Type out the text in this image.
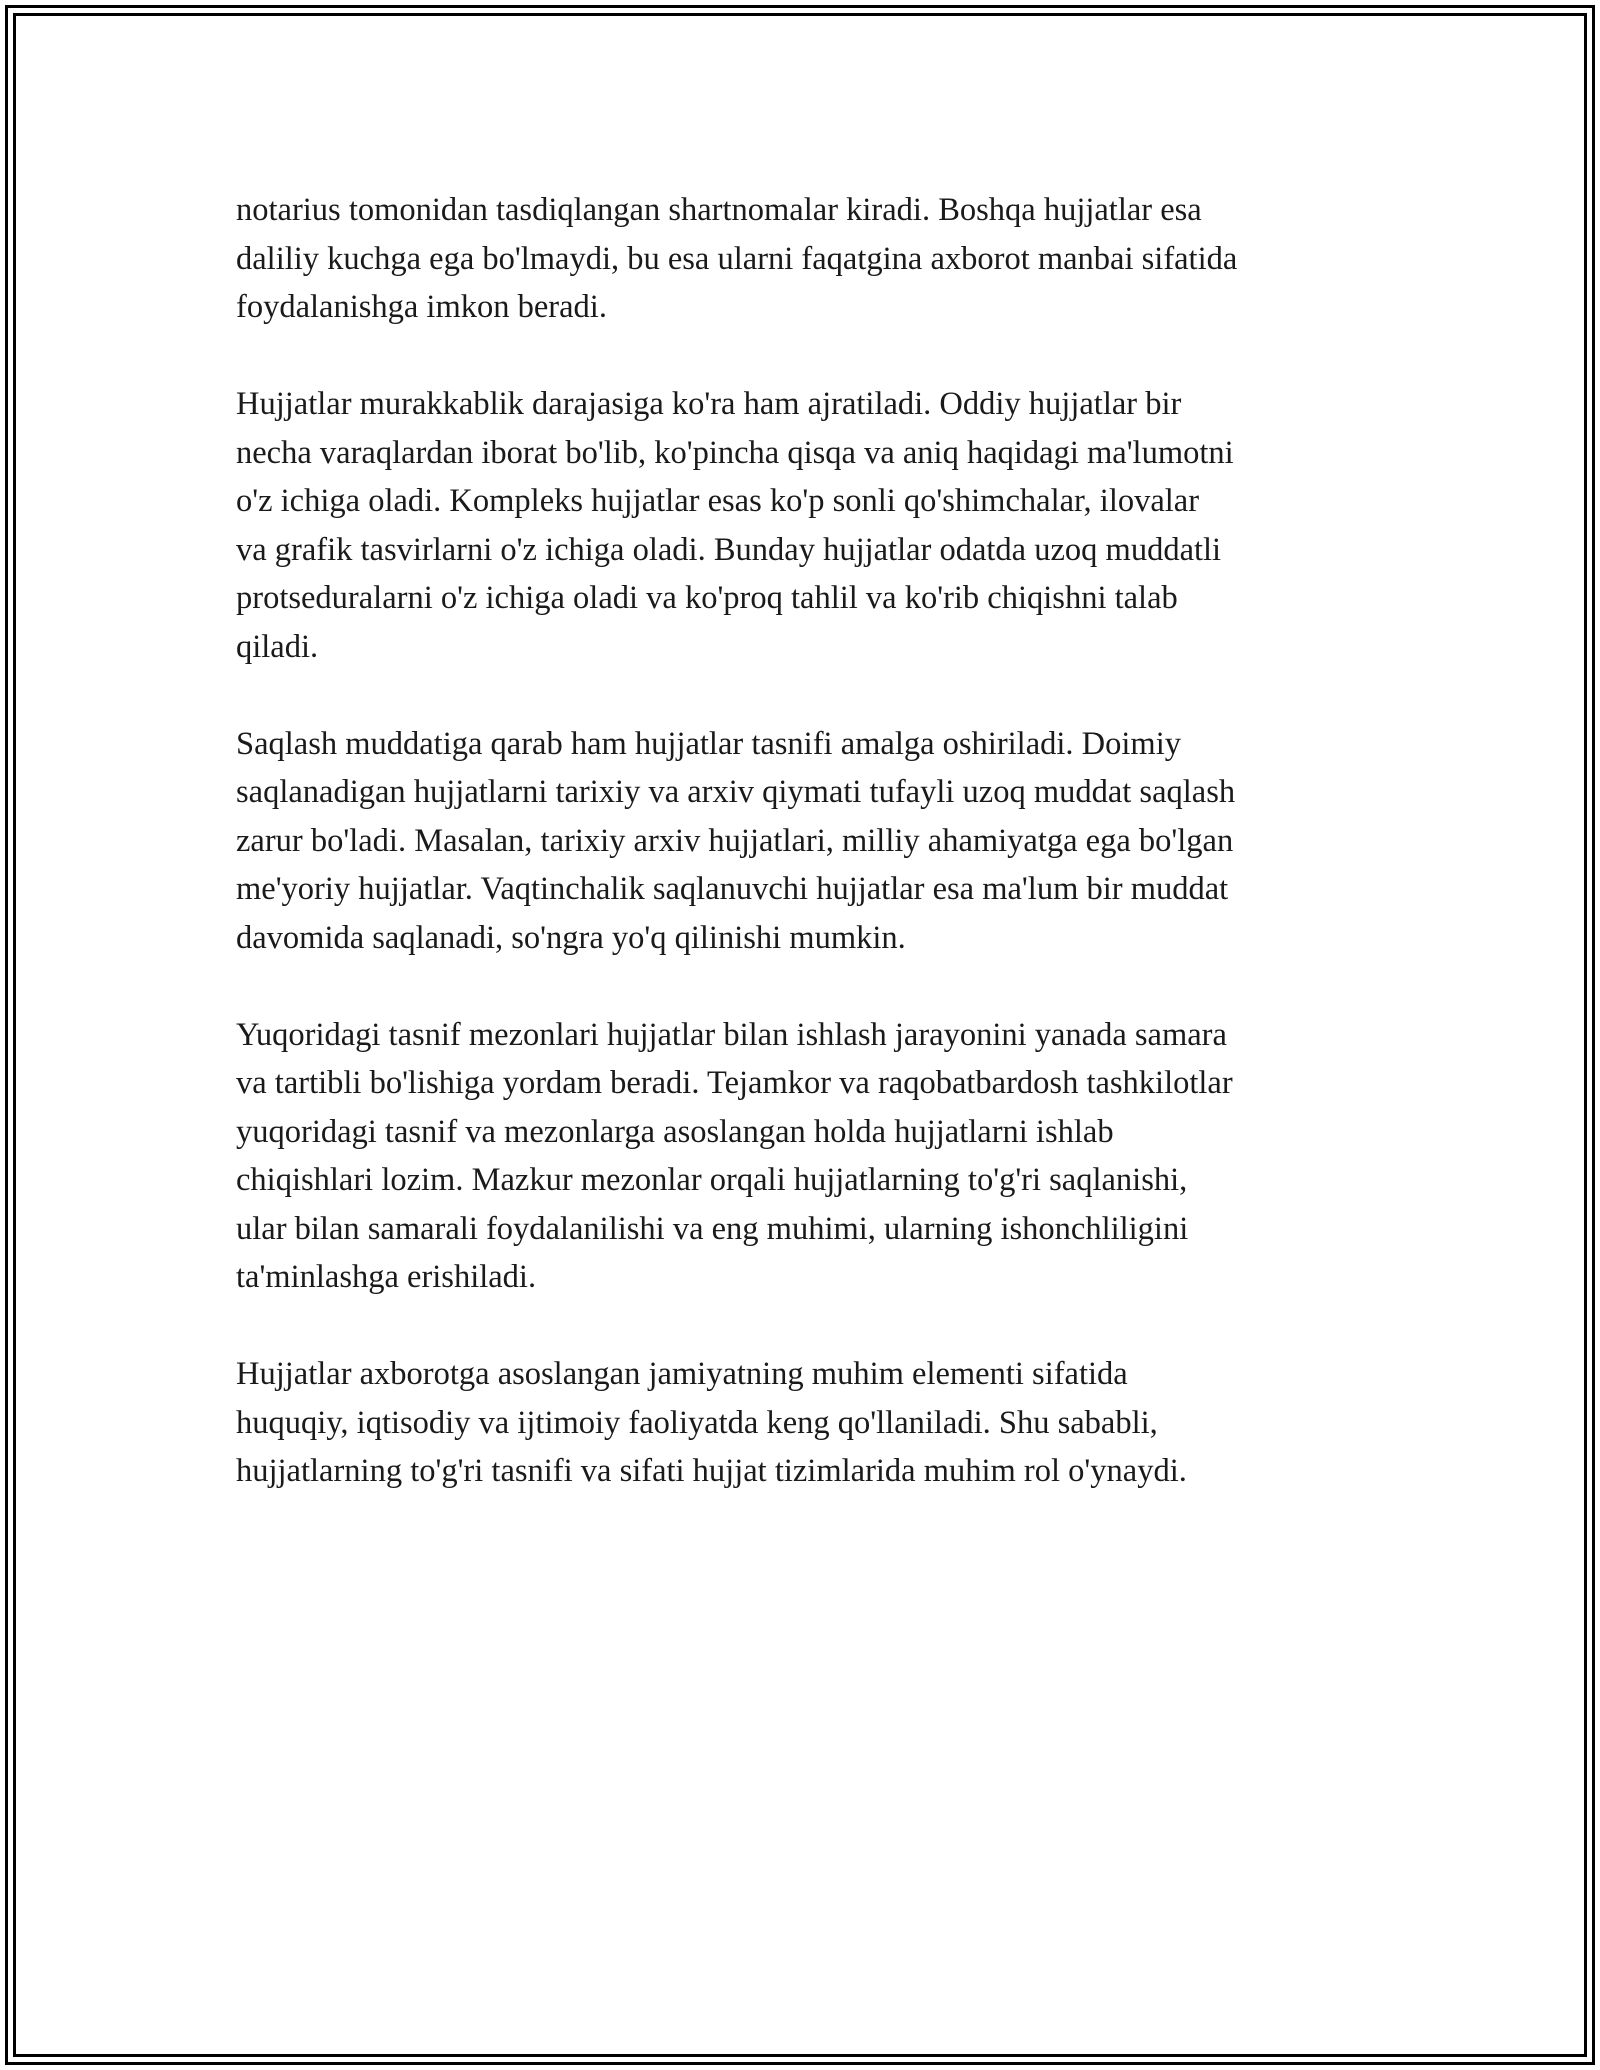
notarius tomonidan tasdiqlangan shartnomalar kiradi. Boshqa hujjatlar esa
daliliy kuchga ega bo'lmaydi, bu esa ularni faqatgina axborot manbai sifatida
foydalanishga imkon beradi.

Hujjatlar murakkablik darajasiga ko'ra ham ajratiladi. Oddiy hujjatlar bir
necha varaqlardan iborat bo'lib, ko'pincha qisqa va aniq haqidagi ma'lumotni
o'z ichiga oladi. Kompleks hujjatlar esas ko'p sonli qo'shimchalar, ilovalar
va grafik tasvirlarni o'z ichiga oladi. Bunday hujjatlar odatda uzoq muddatli
protseduralarni o'z ichiga oladi va ko'proq tahlil va ko'rib chiqishni talab
qiladi.

Saqlash muddatiga qarab ham hujjatlar tasnifi amalga oshiriladi. Doimiy
saqlanadigan hujjatlarni tarixiy va arxiv qiymati tufayli uzoq muddat saqlash
zarur bo'ladi. Masalan, tarixiy arxiv hujjatlari, milliy ahamiyatga ega bo'lgan
me'yoriy hujjatlar. Vaqtinchalik saqlanuvchi hujjatlar esa ma'lum bir muddat
davomida saqlanadi, so'ngra yo'q qilinishi mumkin.

Yuqoridagi tasnif mezonlari hujjatlar bilan ishlash jarayonini yanada samara
va tartibli bo'lishiga yordam beradi. Tejamkor va raqobatbardosh tashkilotlar
yuqoridagi tasnif va mezonlarga asoslangan holda hujjatlarni ishlab
chiqishlari lozim. Mazkur mezonlar orqali hujjatlarning to'g'ri saqlanishi,
ular bilan samarali foydalanilishi va eng muhimi, ularning ishonchliligini
ta'minlashga erishiladi.

Hujjatlar axborotga asoslangan jamiyatning muhim elementi sifatida
huquqiy, iqtisodiy va ijtimoiy faoliyatda keng qo'llaniladi. Shu sababli,
hujjatlarning to'g'ri tasnifi va sifati hujjat tizimlarida muhim rol o'ynaydi.
